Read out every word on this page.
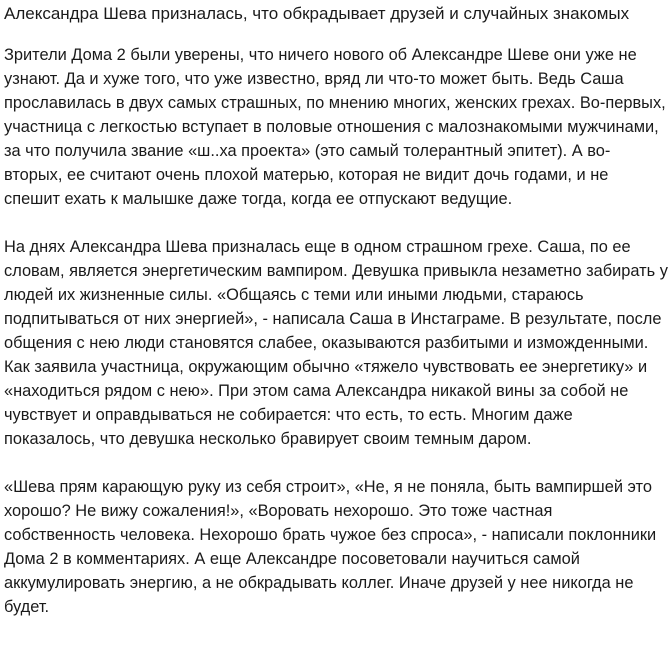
Александра Шева призналась, что обкрадывает друзей и случайных знакомых

Зрители Дома 2 были уверены, что ничего нового об Александре Шеве они уже не узнают. Да и хуже того, что уже известно, вряд ли что-то может быть. Ведь Саша прославилась в двух самых страшных, по мнению многих, женских грехах. Во-первых, участница с легкостью вступает в половые отношения с малознакомыми мужчинами, за что получила звание «ш..ха проекта» (это самый толерантный эпитет). А во-вторых, ее считают очень плохой матерью, которая не видит дочь годами, и не спешит ехать к малышке даже тогда, когда ее отпускают ведущие.

На днях Александра Шева призналась еще в одном страшном грехе. Саша, по ее словам, является энергетическим вампиром. Девушка привыкла незаметно забирать у людей их жизненные силы. «Общаясь с теми или иными людьми, стараюсь подпитываться от них энергией», - написала Саша в Инстаграме. В результате, после общения с нею люди становятся слабее, оказываются разбитыми и изможденными. Как заявила участница, окружающим обычно «тяжело чувствовать ее энергетику» и «находиться рядом с нею». При этом сама Александра никакой вины за собой не чувствует и оправдываться не собирается: что есть, то есть. Многим даже показалось, что девушка несколько бравирует своим темным даром.

«Шева прям карающую руку из себя строит», «Не, я не поняла, быть вампиршей это хорошо? Не вижу сожаления!», «Воровать нехорошо. Это тоже частная собственность человека. Нехорошо брать чужое без спроса», - написали поклонники Дома 2 в комментариях. А еще Александре посоветовали научиться самой аккумулировать энергию, а не обкрадывать коллег. Иначе друзей у нее никогда не будет.
